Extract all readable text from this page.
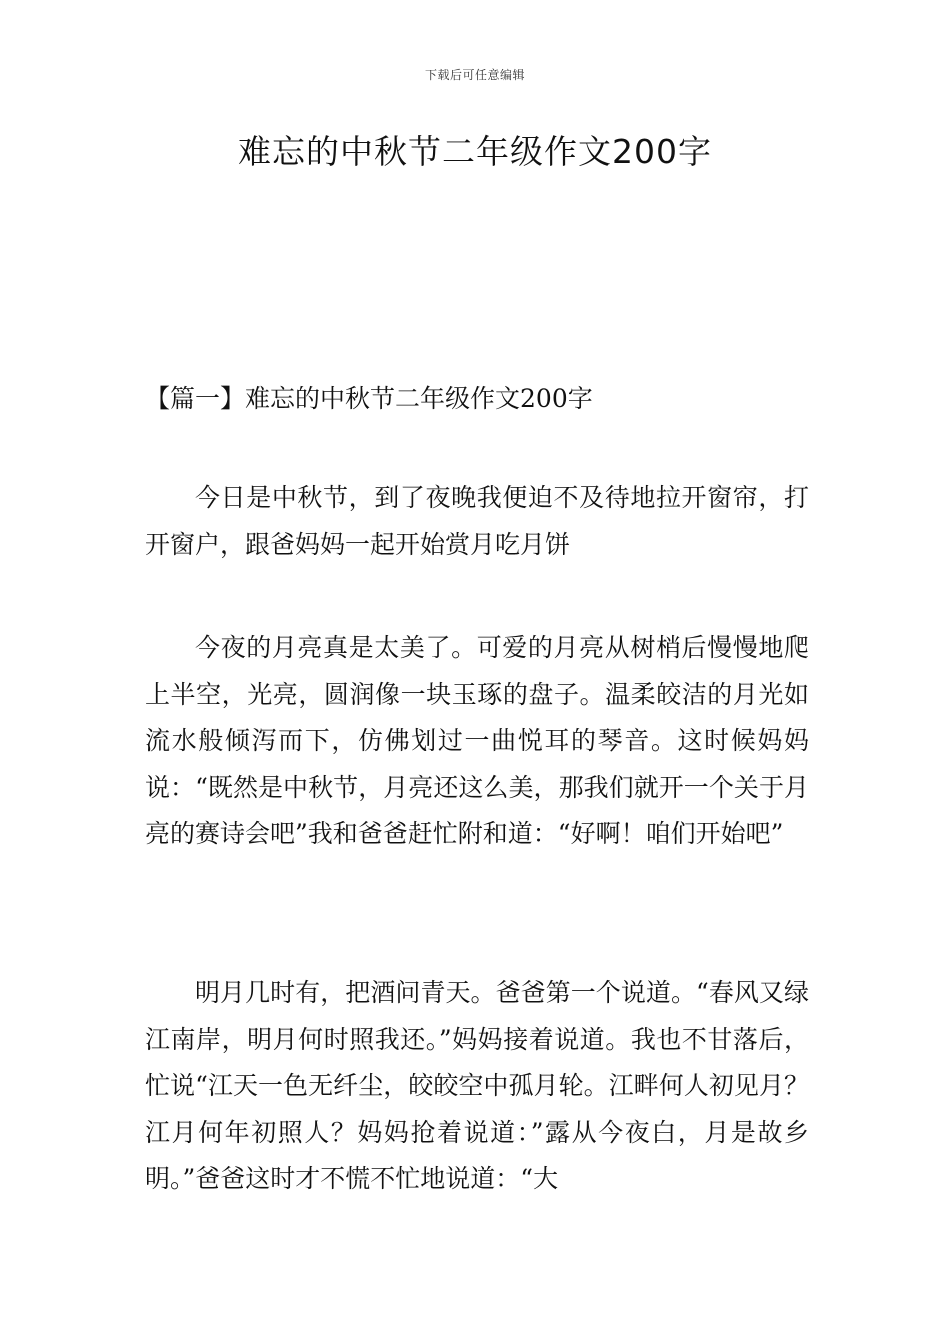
下载后可任意编辑
难忘的中秋节二年级作文200字

【篇一】难忘的中秋节二年级作文200字

今日是中秋节，到了夜晚我便迫不及待地拉开窗帘，打开窗户，跟爸妈妈一起开始赏月吃月饼

今夜的月亮真是太美了。可爱的月亮从树梢后慢慢地爬上半空，光亮，圆润像一块玉琢的盘子。温柔皎洁的月光如流水般倾泻而下，仿佛划过一曲悦耳的琴音。这时候妈妈说：“既然是中秋节，月亮还这么美，那我们就开一个关于月亮的赛诗会吧”我和爸爸赶忙附和道：“好啊！咱们开始吧”

明月几时有，把酒问青天。爸爸第一个说道。“春风又绿江南岸，明月何时照我还。”妈妈接着说道。我也不甘落后，忙说“江天一色无纤尘，皎皎空中孤月轮。江畔何人初见月？江月何年初照人？妈妈抢着说道：”露从今夜白，月是故乡明。”爸爸这时才不慌不忙地说道：“大
